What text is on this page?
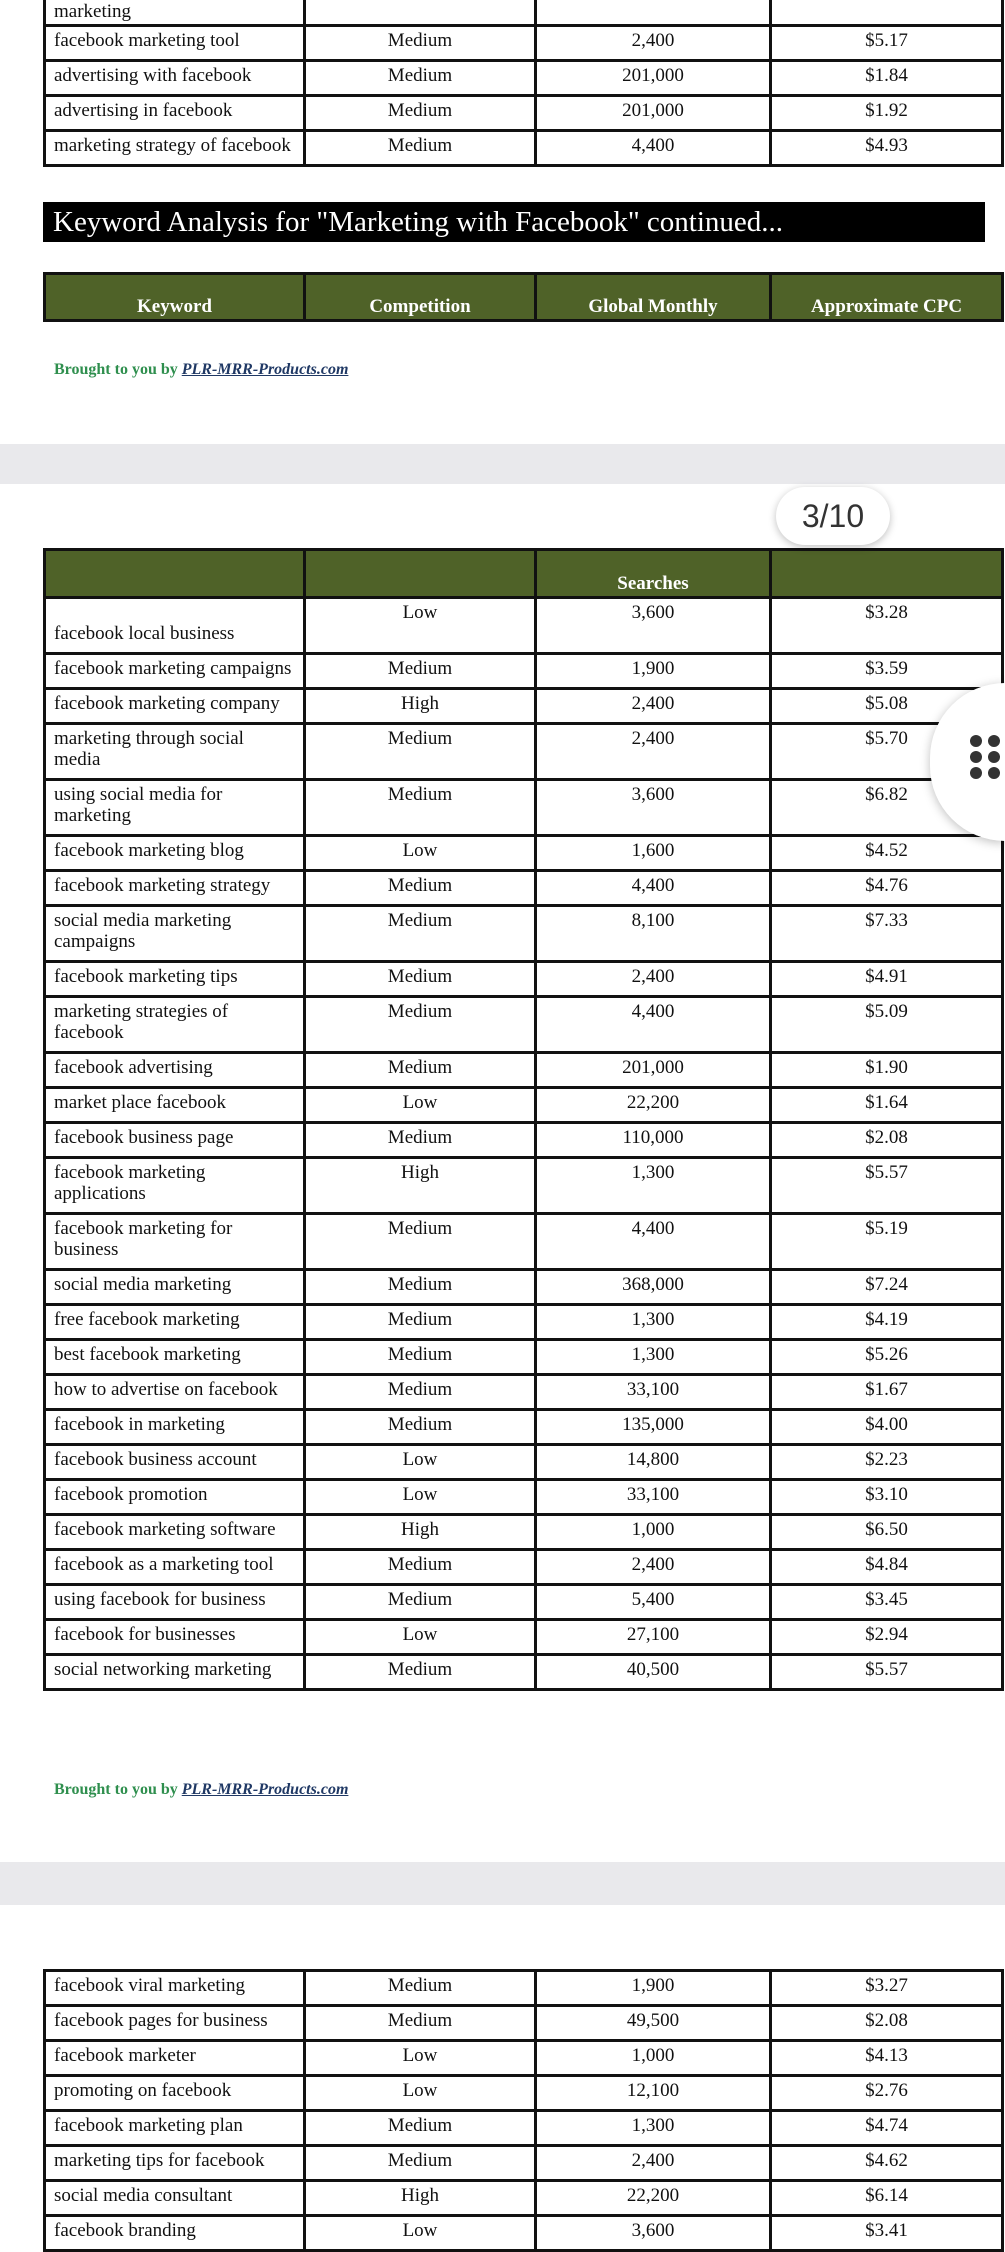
marketing			
facebook marketing tool	Medium	2,400	$5.17
advertising with facebook	Medium	201,000	$1.84
advertising in facebook	Medium	201,000	$1.92
marketing strategy of facebook	Medium	4,400	$4.93
Keyword Analysis for "Marketing with Facebook" continued...
Keyword	Competition	Global Monthly	Approximate CPC
Brought to you by PLR-MRR-Products.com
		Searches	
facebook local business	Low	3,600	$3.28
facebook marketing campaigns	Medium	1,900	$3.59
facebook marketing company	High	2,400	$5.08
marketing through social media	Medium	2,400	$5.70
using social media for marketing	Medium	3,600	$6.82
facebook marketing blog	Low	1,600	$4.52
facebook marketing strategy	Medium	4,400	$4.76
social media marketing campaigns	Medium	8,100	$7.33
facebook marketing tips	Medium	2,400	$4.91
marketing strategies of facebook	Medium	4,400	$5.09
facebook advertising	Medium	201,000	$1.90
market place facebook	Low	22,200	$1.64
facebook business page	Medium	110,000	$2.08
facebook marketing applications	High	1,300	$5.57
facebook marketing for business	Medium	4,400	$5.19
social media marketing	Medium	368,000	$7.24
free facebook marketing	Medium	1,300	$4.19
best facebook marketing	Medium	1,300	$5.26
how to advertise on facebook	Medium	33,100	$1.67
facebook in marketing	Medium	135,000	$4.00
facebook business account	Low	14,800	$2.23
facebook promotion	Low	33,100	$3.10
facebook marketing software	High	1,000	$6.50
facebook as a marketing tool	Medium	2,400	$4.84
using facebook for business	Medium	5,400	$3.45
facebook for businesses	Low	27,100	$2.94
social networking marketing	Medium	40,500	$5.57
Brought to you by PLR-MRR-Products.com
facebook viral marketing	Medium	1,900	$3.27
facebook pages for business	Medium	49,500	$2.08
facebook marketer	Low	1,000	$4.13
promoting on facebook	Low	12,100	$2.76
facebook marketing plan	Medium	1,300	$4.74
marketing tips for facebook	Medium	2,400	$4.62
social media consultant	High	22,200	$6.14
facebook branding	Low	3,600	$3.41
3/10
